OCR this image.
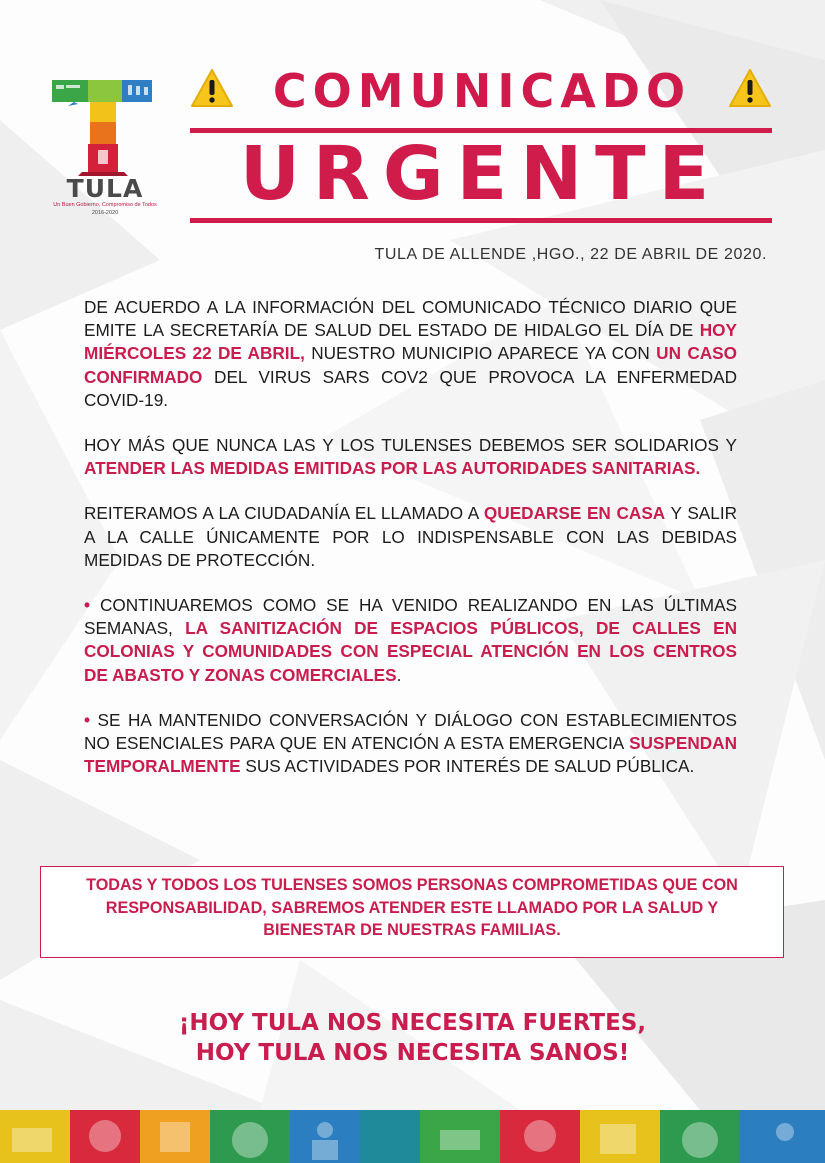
TULA
Un Buen Gobierno, Compromiso de Todos
2016-2020
COMUNICADO
URGENTE
TULA DE ALLENDE ,HGO., 22 DE ABRIL DE 2020.

DE ACUERDO A LA INFORMACIÓN DEL COMUNICADO TÉCNICO DIARIO QUE EMITE LA SECRETARÍA DE SALUD DEL ESTADO DE HIDALGO EL DÍA DE HOY MIÉRCOLES 22 DE ABRIL, NUESTRO MUNICIPIO APARECE YA CON UN CASO CONFIRMADO DEL VIRUS SARS COV2 QUE PROVOCA LA ENFERMEDAD COVID-19.

HOY MÁS QUE NUNCA LAS Y LOS TULENSES DEBEMOS SER SOLIDARIOS Y ATENDER LAS MEDIDAS EMITIDAS POR LAS AUTORIDADES SANITARIAS.

REITERAMOS A LA CIUDADANÍA EL LLAMADO A QUEDARSE EN CASA Y SALIR A LA CALLE ÚNICAMENTE POR LO INDISPENSABLE CON LAS DEBIDAS MEDIDAS DE PROTECCIÓN.

• CONTINUAREMOS COMO SE HA VENIDO REALIZANDO EN LAS ÚLTIMAS SEMANAS, LA SANITIZACIÓN DE ESPACIOS PÚBLICOS, DE CALLES EN COLONIAS Y COMUNIDADES CON ESPECIAL ATENCIÓN EN LOS CENTROS DE ABASTO Y ZONAS COMERCIALES.

• SE HA MANTENIDO CONVERSACIÓN Y DIÁLOGO CON ESTABLECIMIENTOS NO ESENCIALES PARA QUE EN ATENCIÓN A ESTA EMERGENCIA SUSPENDAN TEMPORALMENTE SUS ACTIVIDADES POR INTERÉS DE SALUD PÚBLICA.

TODAS Y TODOS LOS TULENSES SOMOS PERSONAS COMPROMETIDAS QUE CON RESPONSABILIDAD, SABREMOS ATENDER ESTE LLAMADO POR LA SALUD Y BIENESTAR DE NUESTRAS FAMILIAS.
¡HOY TULA NOS NECESITA FUERTES,
HOY TULA NOS NECESITA SANOS!
